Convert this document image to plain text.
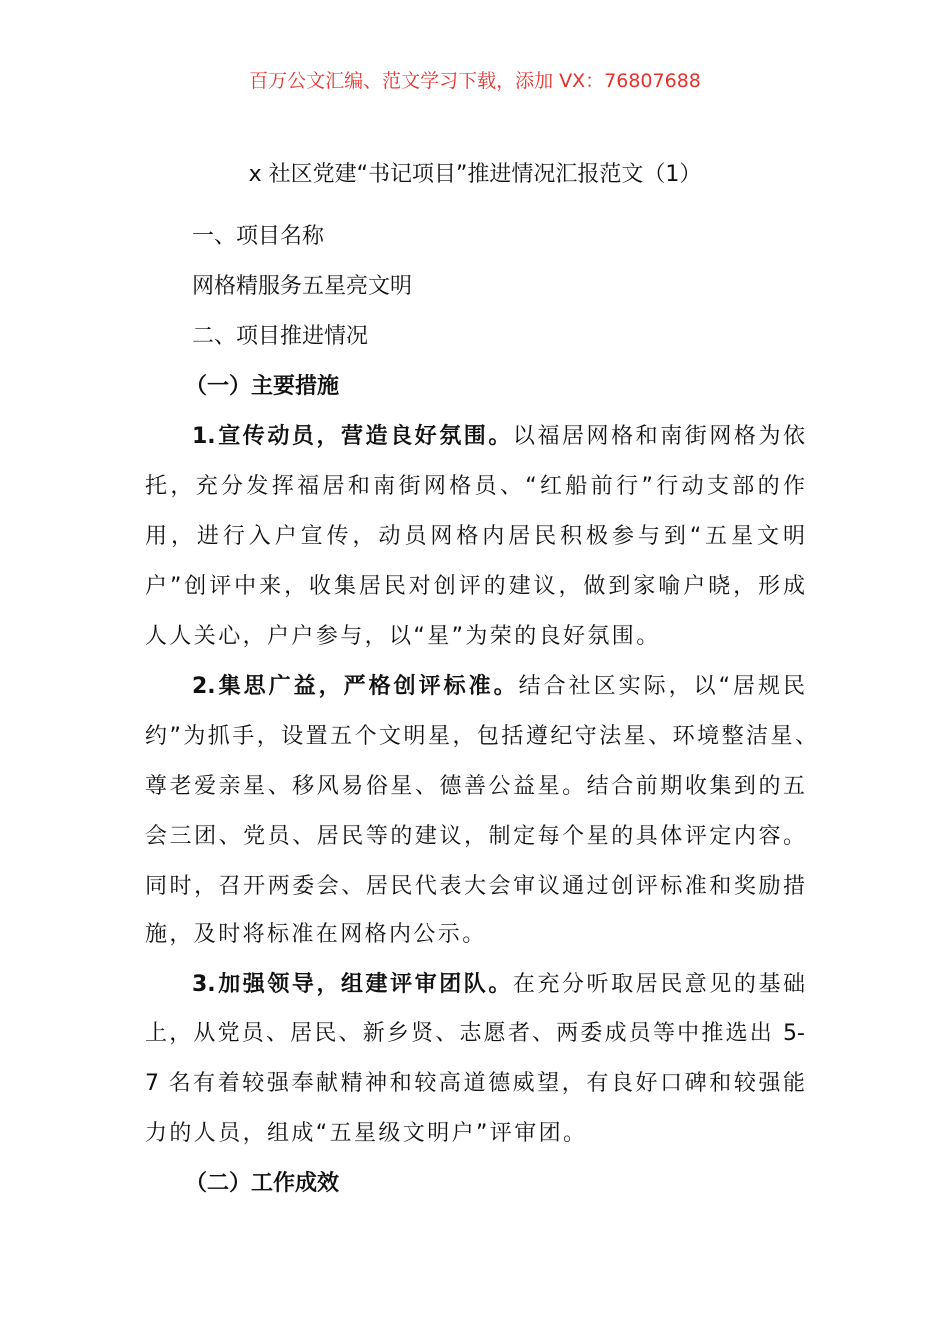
百万公文汇编、范文学习下载，添加 VX：76807688
x 社区党建“书记项目”推进情况汇报范文（1）
一、项目名称
网格精服务五星亮文明
二、项目推进情况
（一）主要措施
1.宣传动员，营造良好氛围。以福居网格和南街网格为依
托，充分发挥福居和南街网格员、“红船前行”行动支部的作
用，进行入户宣传，动员网格内居民积极参与到“五星文明
户”创评中来，收集居民对创评的建议，做到家喻户晓，形成
人人关心，户户参与，以“星”为荣的良好氛围。
2.集思广益，严格创评标准。结合社区实际，以“居规民
约”为抓手，设置五个文明星，包括遵纪守法星、环境整洁星、
尊老爱亲星、移风易俗星、德善公益星。结合前期收集到的五
会三团、党员、居民等的建议，制定每个星的具体评定内容。
同时，召开两委会、居民代表大会审议通过创评标准和奖励措
施，及时将标准在网格内公示。
3.加强领导，组建评审团队。在充分听取居民意见的基础
上，从党员、居民、新乡贤、志愿者、两委成员等中推选出 5-
7 名有着较强奉献精神和较高道德威望，有良好口碑和较强能
力的人员，组成“五星级文明户”评审团。
（二）工作成效
